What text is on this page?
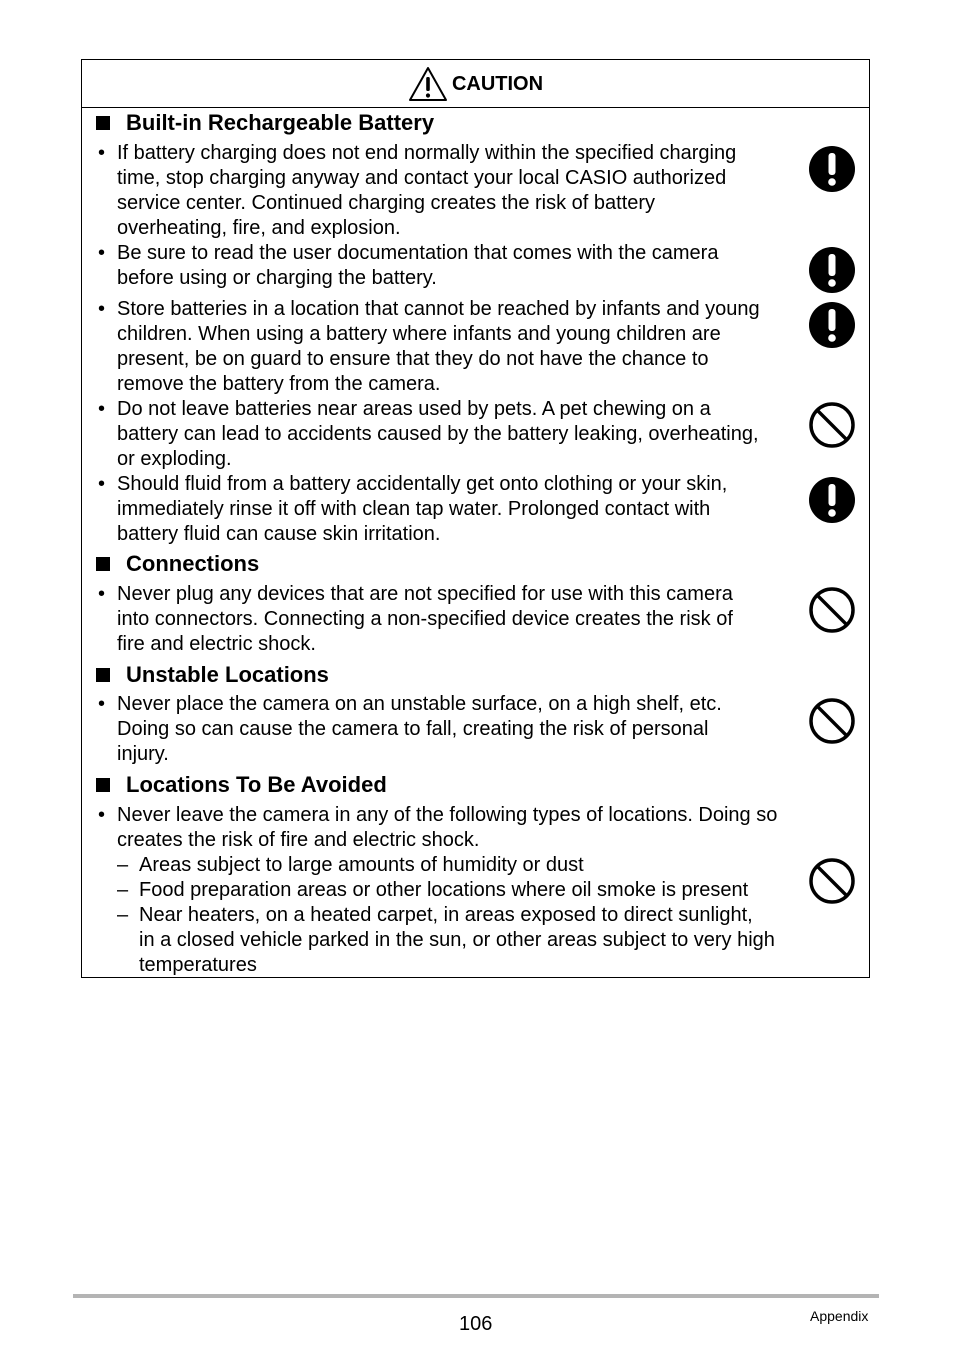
CAUTION
Built-in Rechargeable Battery
• If battery charging does not end normally within the specified charging
time, stop charging anyway and contact your local CASIO authorized
service center. Continued charging creates the risk of battery
overheating, fire, and explosion.
• Be sure to read the user documentation that comes with the camera
before using or charging the battery.
• Store batteries in a location that cannot be reached by infants and young
children. When using a battery where infants and young children are
present, be on guard to ensure that they do not have the chance to
remove the battery from the camera.
• Do not leave batteries near areas used by pets. A pet chewing on a
battery can lead to accidents caused by the battery leaking, overheating,
or exploding.
• Should fluid from a battery accidentally get onto clothing or your skin,
immediately rinse it off with clean tap water. Prolonged contact with
battery fluid can cause skin irritation.
Connections
• Never plug any devices that are not specified for use with this camera
into connectors. Connecting a non-specified device creates the risk of
fire and electric shock.
Unstable Locations
• Never place the camera on an unstable surface, on a high shelf, etc.
Doing so can cause the camera to fall, creating the risk of personal
injury.
Locations To Be Avoided
• Never leave the camera in any of the following types of locations. Doing so
creates the risk of fire and electric shock.
– Areas subject to large amounts of humidity or dust
– Food preparation areas or other locations where oil smoke is present
– Near heaters, on a heated carpet, in areas exposed to direct sunlight,
in a closed vehicle parked in the sun, or other areas subject to very high
temperatures
106	Appendix
